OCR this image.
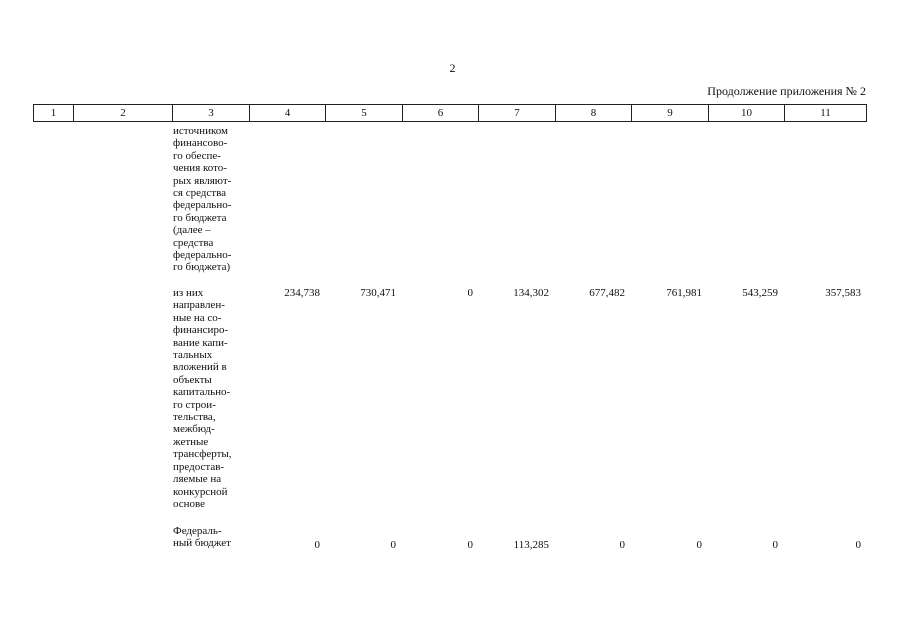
2
Продолжение приложения № 2
1	2	3	4	5	6	7	8	9	10	11
источником
финансово-
го обеспе-
чения кото-
рых являют-
ся средства
федерально-
го бюджета
(далее –
средства
федерально-
го бюджета)
из них
направлен-
ные на со-
финансиро-
вание капи-
тальных
вложений в
объекты
капитально-
го строи-
тельства,
межбюд-
жетные
трансферты,
предостав-
ляемые на
конкурсной
основе
234,738	730,471	0	134,302	677,482	761,981	543,259	357,583
Федераль-
ный бюджет	0	0	0	113,285	0	0	0	0
